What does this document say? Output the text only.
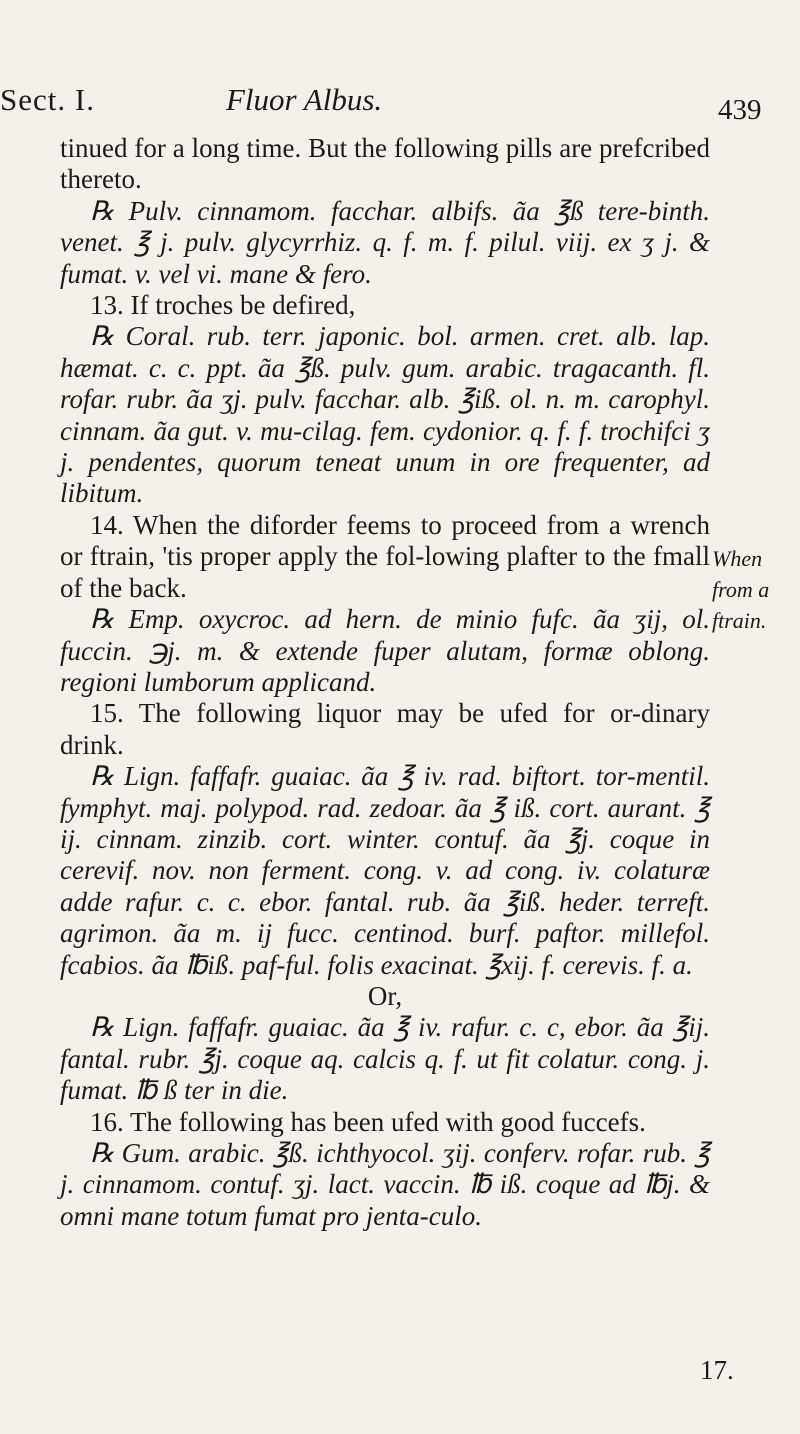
Sect. I.	Fluor Albus.	439

tinued for a long time. But the following pills are prefcribed thereto.

℞ Pulv. cinnamom. facchar. albifs. ãa ℥ß tere-binth. venet. ℥ j. pulv. glycyrrhiz. q. f. m. f. pilul. viij. ex ʒ j. & fumat. v. vel vi. mane & fero.

13. If troches be defired,

℞ Coral. rub. terr. japonic. bol. armen. cret. alb. lap. hæmat. c. c. ppt. ãa ℥ß. pulv. gum. arabic. tragacanth. fl. rofar. rubr. ãa ʒj. pulv. facchar. alb. ℥iß. ol. n. m. carophyl. cinnam. ãa gut. v. mu-cilag. fem. cydonior. q. f. f. trochifci ʒ j. pendentes, quorum teneat unum in ore frequenter, ad libitum.

14. When the diforder feems to proceed from a wrench or ftrain, 'tis proper apply the fol-lowing plafter to the fmall of the back.

℞ Emp. oxycroc. ad hern. de minio fufc. ãa ʒij, ol. fuccin. ℈j. m. & extende fuper alutam, formæ oblong. regioni lumborum applicand.

15. The following liquor may be ufed for or-dinary drink.

℞ Lign. faffafr. guaiac. ãa ℥ iv. rad. biftort. tor-mentil. fymphyt. maj. polypod. rad. zedoar. ãa ℥ iß. cort. aurant. ℥ ij. cinnam. zinzib. cort. winter. contuf. ãa ℥j. coque in cerevif. nov. non ferment. cong. v. ad cong. iv. colaturæ adde rafur. c. c. ebor. fantal. rub. ãa ℥iß. heder. terreft. agrimon. ãa m. ij fucc. centinod. burf. paftor. millefol. fcabios. ãa ℔iß. paf-ful. folis exacinat. ℥xij. f. cerevis. f. a.

Or,

℞ Lign. faffafr. guaiac. ãa ℥ iv. rafur. c. c, ebor. ãa ℥ij. fantal. rubr. ℥j. coque aq. calcis q. f. ut fit colatur. cong. j. fumat. ℔ ß ter in die.

16. The following has been ufed with good fuccefs.

℞ Gum. arabic. ℥ß. ichthyocol. ʒij. conferv. rofar. rub. ℥ j. cinnamom. contuf. ʒj. lact. vaccin. ℔ iß. coque ad ℔j. & omni mane totum fumat pro jenta-culo.

When from a ftrain.
17.
